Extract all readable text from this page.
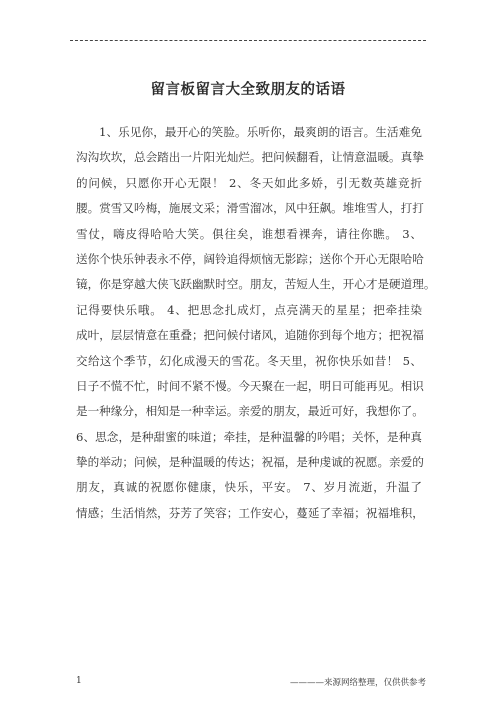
留言板留言大全致朋友的话语
1、乐见你，最开心的笑脸。乐听你，最爽朗的语言。生活难免
沟沟坎坎，总会踏出一片阳光灿烂。把问候翻看，让情意温暖。真挚
的问候，只愿你开心无限！ 2、冬天如此多娇，引无数英雄竞折
腰。赏雪又吟梅，施展文采；滑雪溜冰，风中狂飙。堆堆雪人，打打
雪仗，嗨皮得哈哈大笑。俱往矣，谁想看裸奔，请往你瞧。 3、
送你个快乐钟表永不停，阔铃追得烦恼无影踪；送你个开心无限哈哈
镜，你是穿越大侠飞跃幽默时空。朋友，苦短人生，开心才是硬道理。
记得要快乐哦。 4、把思念扎成灯，点亮满天的星星；把牵挂染
成叶，层层情意在重叠；把问候付诸风，追随你到每个地方；把祝福
交给这个季节，幻化成漫天的雪花。冬天里，祝你快乐如昔！ 5、
日子不慌不忙，时间不紧不慢。今天聚在一起，明日可能再见。相识
是一种缘分，相知是一种幸运。亲爱的朋友，最近可好，我想你了。
6、思念，是种甜蜜的味道；牵挂，是种温馨的吟唱；关怀，是种真
挚的举动；问候，是种温暖的传达；祝福，是种虔诚的祝愿。亲爱的
朋友，真诚的祝愿你健康，快乐，平安。 7、岁月流逝，升温了
情感；生活悄然，芬芳了笑容；工作安心，蔓延了幸福；祝福堆积，
1	————来源网络整理，仅供供参考
